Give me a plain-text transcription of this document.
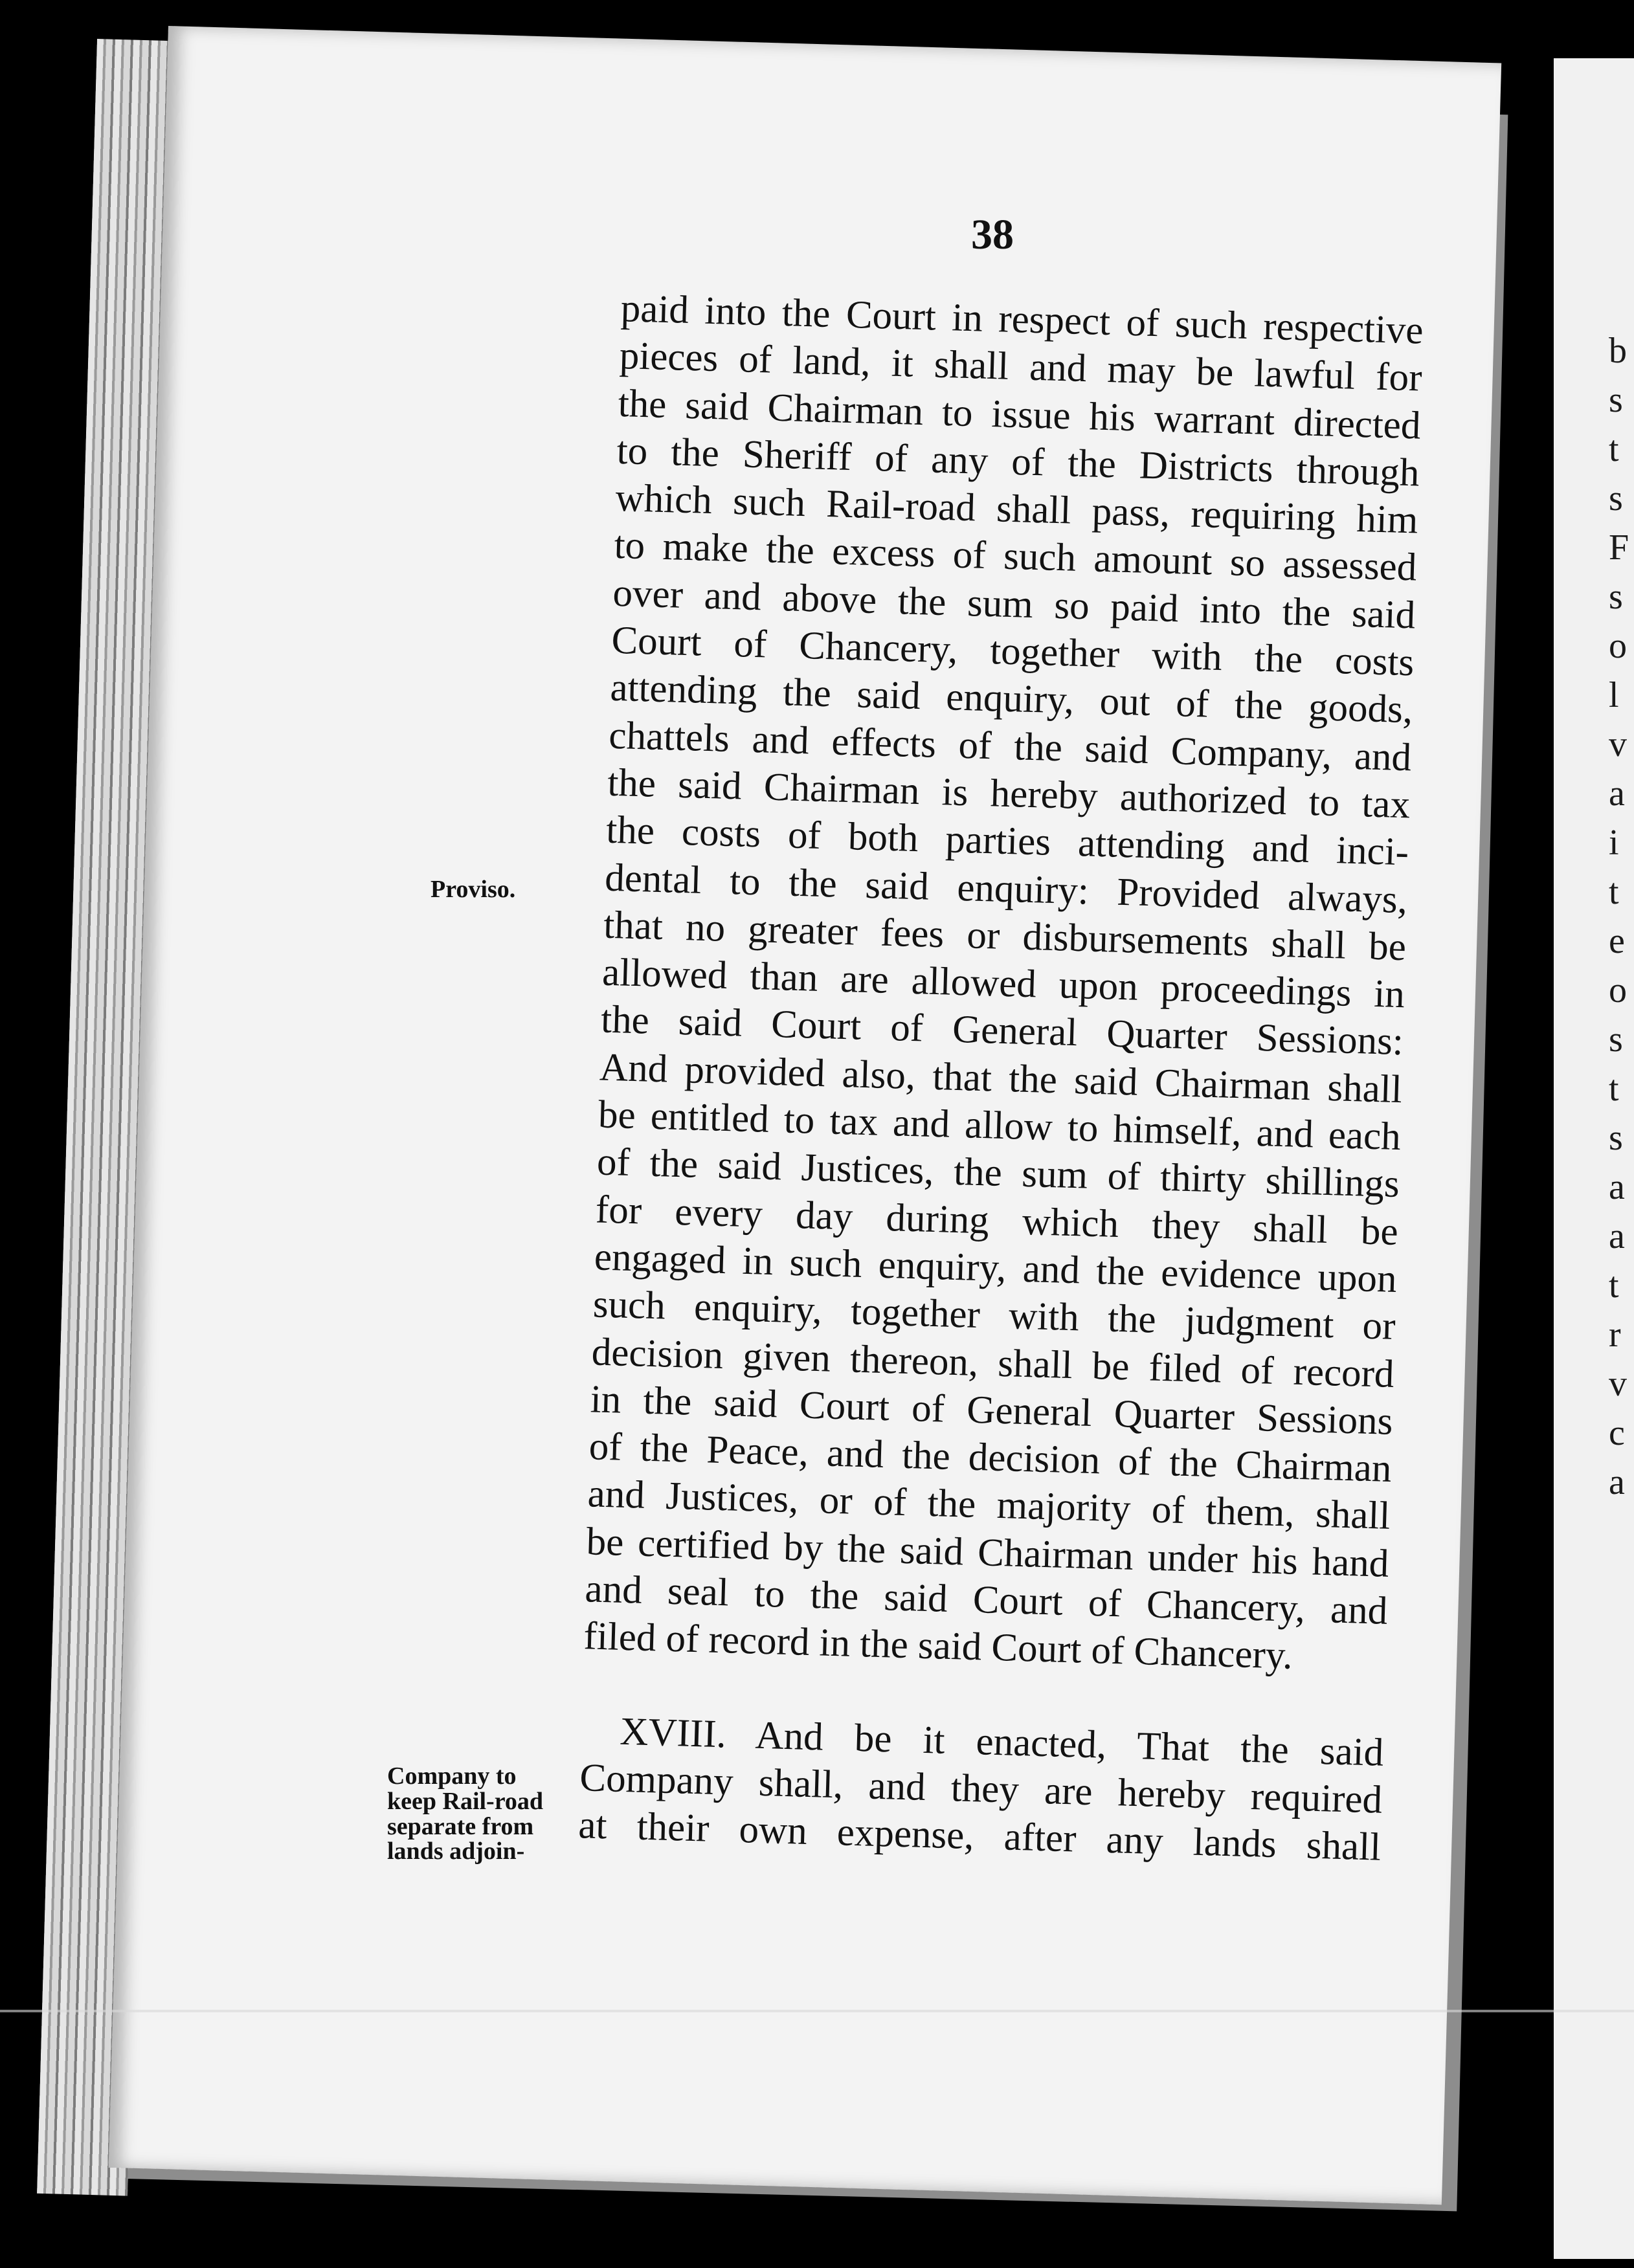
b
s
t
s
F
s
o
l
v
a
i
t
e
o
s
t
s
a
a
t
r
v
c
a
38
Proviso.
Company to
keep Rail-road
separate from
lands adjoin-
paid into the Court in respect of such respective
pieces of land, it shall and may be lawful for
the said Chairman to issue his warrant directed
to the Sheriff of any of the Districts through
which such Rail-road shall pass, requiring him
to make the excess of such amount so assessed
over and above the sum so paid into the said
Court of Chancery, together with the costs
attending the said enquiry, out of the goods,
chattels and effects of the said Company, and
the said Chairman is hereby authorized to tax
the costs of both parties attending and inci-
dental to the said enquiry: Provided always,
that no greater fees or disbursements shall be
allowed than are allowed upon proceedings in
the said Court of General Quarter Sessions:
And provided also, that the said Chairman shall
be entitled to tax and allow to himself, and each
of the said Justices, the sum of thirty shillings
for every day during which they shall be
engaged in such enquiry, and the evidence upon
such enquiry, together with the judgment or
decision given thereon, shall be filed of record
in the said Court of General Quarter Sessions
of the Peace, and the decision of the Chairman
and Justices, or of the majority of them, shall
be certified by the said Chairman under his hand
and seal to the said Court of Chancery, and
filed of record in the said Court of Chancery.
XVIII. And be it enacted, That the said
Company shall, and they are hereby required
at their own expense, after any lands shall
